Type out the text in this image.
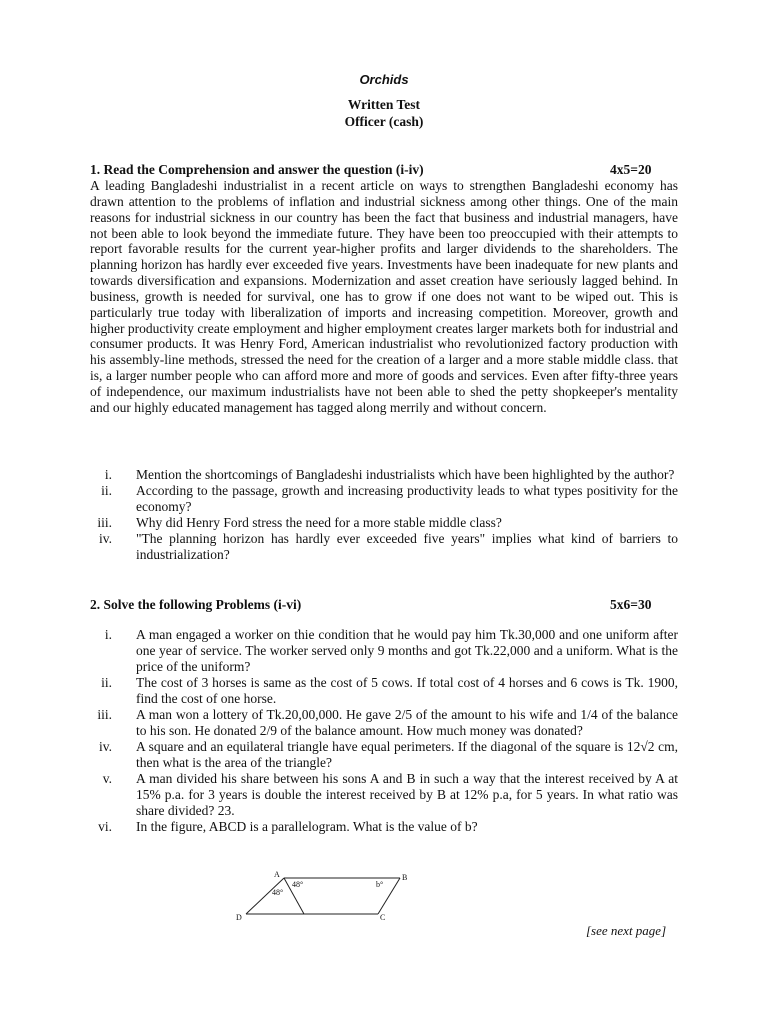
Orchids
Written Test
Officer (cash)
1. Read the Comprehension and answer the question (i-iv)	4x5=20

A leading Bangladeshi industrialist in a recent article on ways to strengthen Bangladeshi economy has drawn attention to the problems of inflation and industrial sickness among other things. One of the main reasons for industrial sickness in our country has been the fact that business and industrial managers, have not been able to look beyond the immediate future. They have been too preoccupied with their attempts to report favorable results for the current year-higher profits and larger dividends to the shareholders. The planning horizon has hardly ever exceeded five years. Investments have been inadequate for new plants and towards diversification and expansions. Modernization and asset creation have seriously lagged behind. In business, growth is needed for survival, one has to grow if one does not want to be wiped out. This is particularly true today with liberalization of imports and increasing competition. Moreover, growth and higher productivity create employment and higher employment creates larger markets both for industrial and consumer products. It was Henry Ford, American industrialist who revolutionized factory production with his assembly-line methods, stressed the need for the creation of a larger and a more stable middle class. that is, a larger number people who can afford more and more of goods and services. Even after fifty-three years of independence, our maximum industrialists have not been able to shed the petty shopkeeper's mentality and our highly educated management has tagged along merrily and without concern.

i. Mention the shortcomings of Bangladeshi industrialists which have been highlighted by the author?
ii. According to the passage, growth and increasing productivity leads to what types positivity for the economy?
iii. Why did Henry Ford stress the need for a more stable middle class?
iv. "The planning horizon has hardly ever exceeded five years" implies what kind of barriers to industrialization?
2. Solve the following Problems (i-vi)	5x6=30
i. A man engaged a worker on thie condition that he would pay him Tk.30,000 and one uniform after one year of service. The worker served only 9 months and got Tk.22,000 and a uniform. What is the price of the uniform?
ii. The cost of 3 horses is same as the cost of 5 cows. If total cost of 4 horses and 6 cows is Tk. 1900, find the cost of one horse.
iii. A man won a lottery of Tk.20,00,000. He gave 2/5 of the amount to his wife and 1/4 of the balance to his son. He donated 2/9 of the balance amount. How much money was donated?
iv. A square and an equilateral triangle have equal perimeters. If the diagonal of the square is 12√2 cm, then what is the area of the triangle?
v. A man divided his share between his sons A and B in such a way that the interest received by A at 15% p.a. for 3 years is double the interest received by B at 12% p.a, for 5 years. In what ratio was share divided? 23.
vi. In the figure, ABCD is a parallelogram. What is the value of b?
A	B
C
D
48°
48°
b°
[see next page]
